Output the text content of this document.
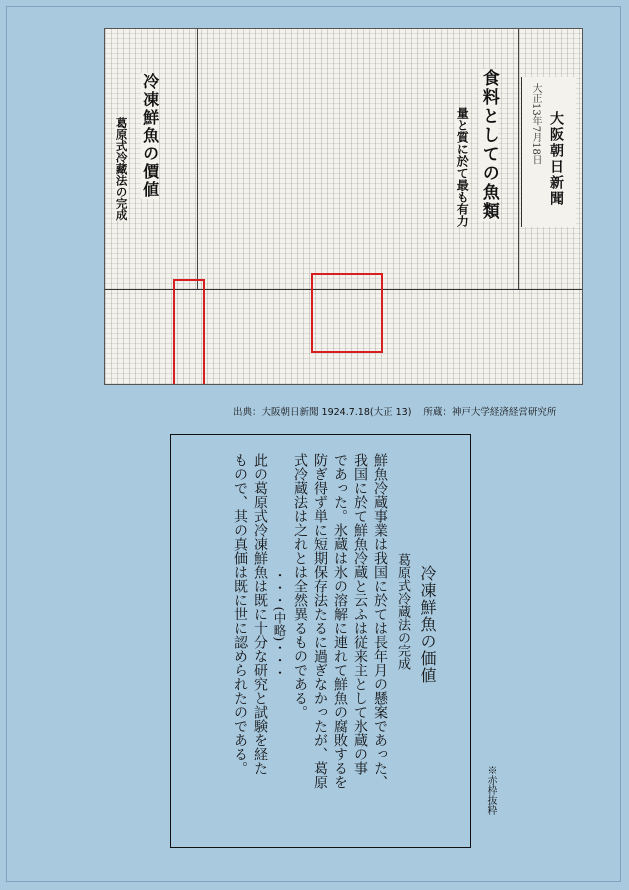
大正13年7月18日 大阪朝日新聞
食料としての魚類
量と質に於て最も有力
冷凍鮮魚の價値
葛原式冷藏法の完成
出典：大阪朝日新聞 1924.7.18(大正 13) 所蔵：神戸大学経済経営研究所
冷凍鮮魚の価値
葛原式冷蔵法の完成
鮮魚冷蔵事業は我国に於ては長年月の懸案であった、
我国に於て鮮魚冷蔵と云ふは従来主として氷蔵の事
であった。氷蔵は氷の溶解に連れて鮮魚の腐敗するを
防ぎ得ず単に短期保存法たるに過ぎなかったが、葛原
式冷蔵法は之れとは全然異るものである。
・・・(中略)・・・
此の葛原式冷凍鮮魚は既に十分な研究と試験を経た
もので、其の真価は既に世に認められたのである。
※赤枠抜粋
